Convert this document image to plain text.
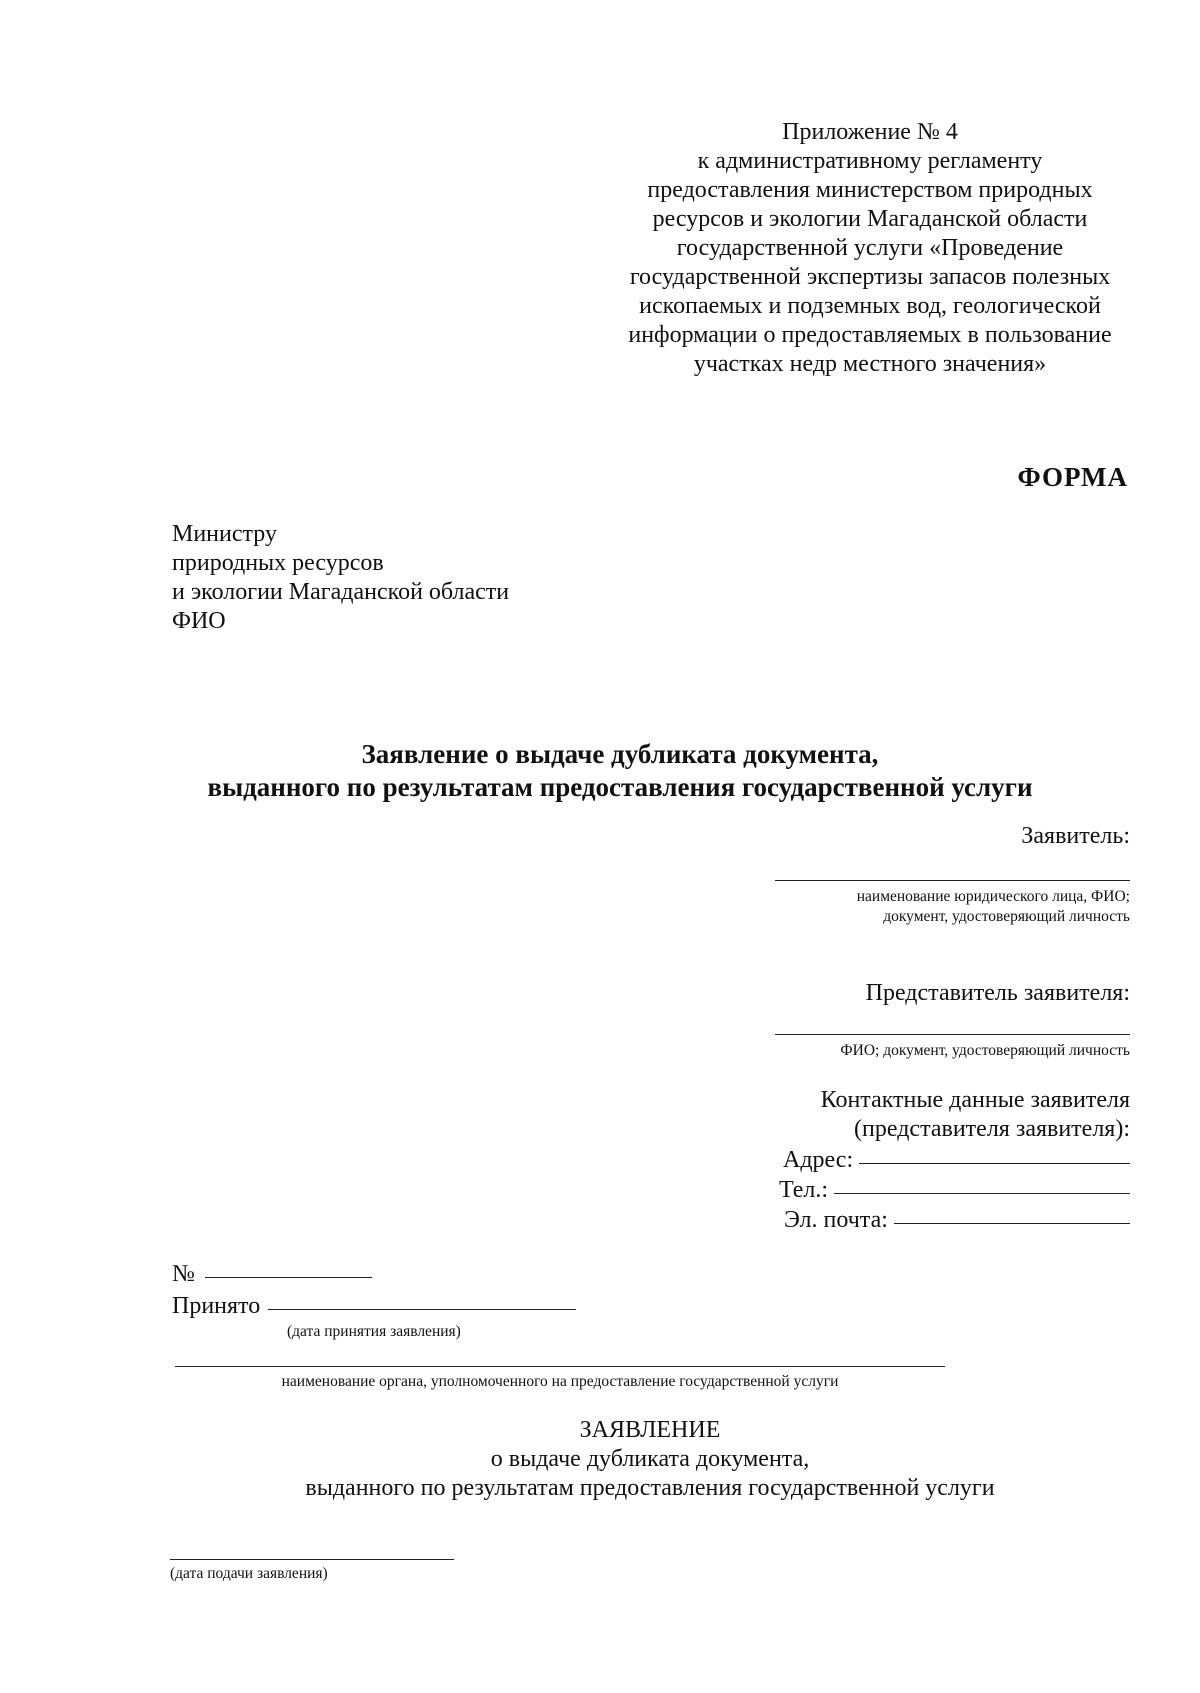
Приложение № 4
к административному регламенту
предоставления министерством природных
ресурсов и экологии Магаданской области
государственной услуги «Проведение
государственной экспертизы запасов полезных
ископаемых и подземных вод, геологической
информации о предоставляемых в пользование
участках недр местного значения»
ФОРМА
Министру
природных ресурсов
и экологии Магаданской области
ФИО
Заявление о выдаче дубликата документа,
выданного по результатам предоставления государственной услуги
Заявитель:
наименование юридического лица, ФИО;
документ, удостоверяющий личность
Представитель заявителя:
ФИО; документ, удостоверяющий личность
Контактные данные заявителя
(представителя заявителя):
Адрес:
Тел.:
Эл. почта:
№
Принято
(дата принятия заявления)
наименование органа, уполномоченного на предоставление государственной услуги
ЗАЯВЛЕНИЕ
о выдаче дубликата документа,
выданного по результатам предоставления государственной услуги
(дата подачи заявления)
